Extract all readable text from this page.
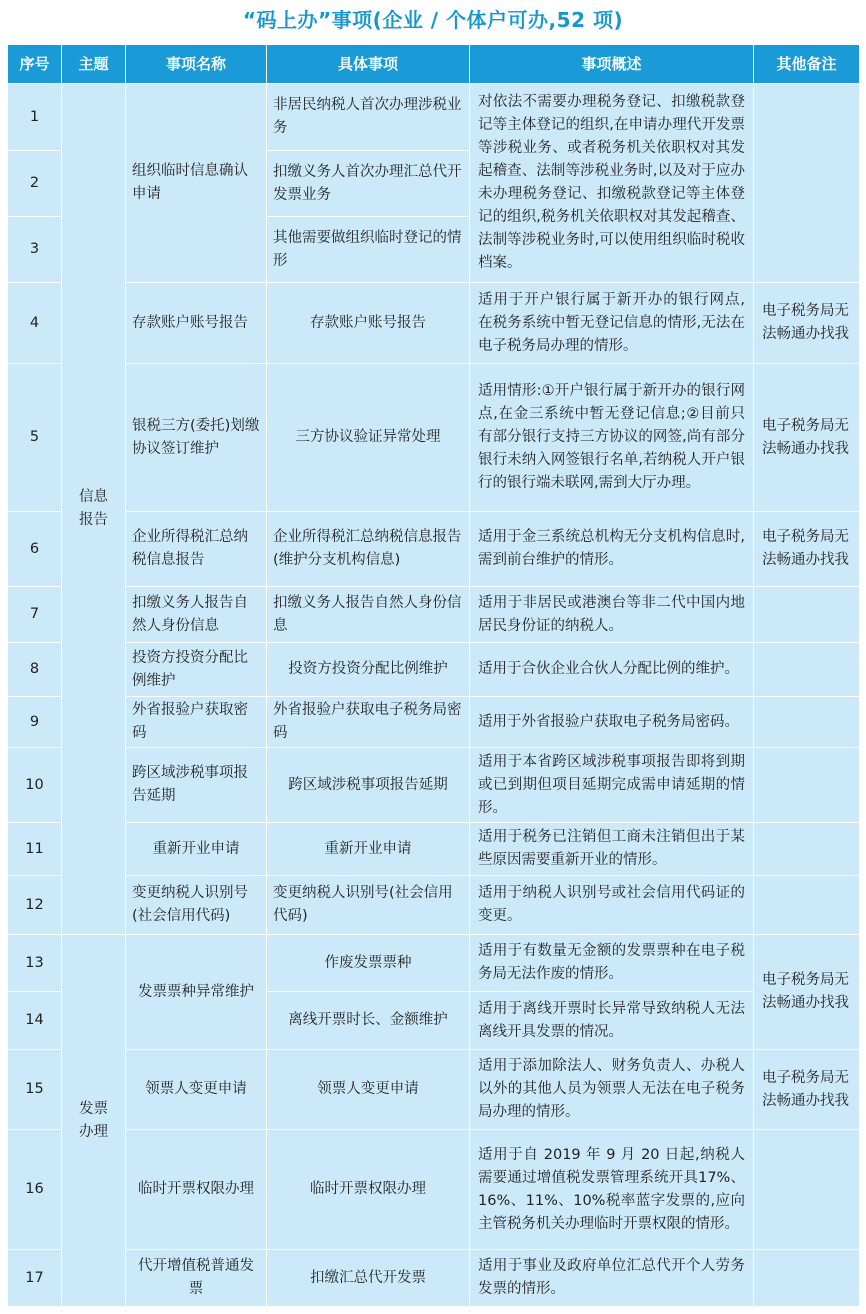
“码上办”事项(企业 / 个体户可办,52 项)
序号	主题	事项名称	具体事项	事项概述	其他备注
1	信息报告	组织临时信息确认申请	非居民纳税人首次办理涉税业务	对依法不需要办理税务登记、扣缴税款登记等主体登记的组织,在申请办理代开发票等涉税业务、或者税务机关依职权对其发起稽查、法制等涉税业务时,以及对于应办未办理税务登记、扣缴税款登记等主体登记的组织,税务机关依职权对其发起稽查、法制等涉税业务时,可以使用组织临时税收档案。	
2			扣缴义务人首次办理汇总代开发票业务		
3			其他需要做组织临时登记的情形		
4		存款账户账号报告	存款账户账号报告	适用于开户银行属于新开办的银行网点, 在税务系统中暂无登记信息的情形,无法在电子税务局办理的情形。	电子税务局无法畅通办找我
5		银税三方(委托)划缴协议签订维护	三方协议验证异常处理	适用情形:①开户银行属于新开办的银行网点,在金三系统中暂无登记信息;②目前只有部分银行支持三方协议的网签,尚有部分银行未纳入网签银行名单,若纳税人开户银行的银行端未联网,需到大厅办理。	电子税务局无法畅通办找我
6		企业所得税汇总纳税信息报告	企业所得税汇总纳税信息报告(维护分支机构信息)	适用于金三系统总机构无分支机构信息时,需到前台维护的情形。	电子税务局无法畅通办找我
7		扣缴义务人报告自然人身份信息	扣缴义务人报告自然人身份信息	适用于非居民或港澳台等非二代中国内地居民身份证的纳税人。	
8		投资方投资分配比例维护	投资方投资分配比例维护	适用于合伙企业合伙人分配比例的维护。	
9		外省报验户获取密码	外省报验户获取电子税务局密码	适用于外省报验户获取电子税务局密码。	
10		跨区域涉税事项报告延期	跨区域涉税事项报告延期	适用于本省跨区域涉税事项报告即将到期或已到期但项目延期完成需申请延期的情形。	
11		重新开业申请	重新开业申请	适用于税务已注销但工商未注销但出于某些原因需要重新开业的情形。	
12		变更纳税人识别号(社会信用代码)	变更纳税人识别号(社会信用代码)	适用于纳税人识别号或社会信用代码证的变更。	
13	发票办理	发票票种异常维护	作废发票票种	适用于有数量无金额的发票票种在电子税务局无法作废的情形。	电子税务局无法畅通办找我
14			离线开票时长、金额维护	适用于离线开票时长异常导致纳税人无法离线开具发票的情况。	
15		领票人变更申请	领票人变更申请	适用于添加除法人、财务负责人、办税人以外的其他人员为领票人无法在电子税务局办理的情形。	电子税务局无法畅通办找我
16		临时开票权限办理	临时开票权限办理	适用于自 2019 年 9 月 20 日起,纳税人需要通过增值税发票管理系统开具17%、16%、11%、10%税率蓝字发票的,应向主管税务机关办理临时开票权限的情形。	
17		代开增值税普通发票	扣缴汇总代开发票	适用于事业及政府单位汇总代开个人劳务发票的情形。	
